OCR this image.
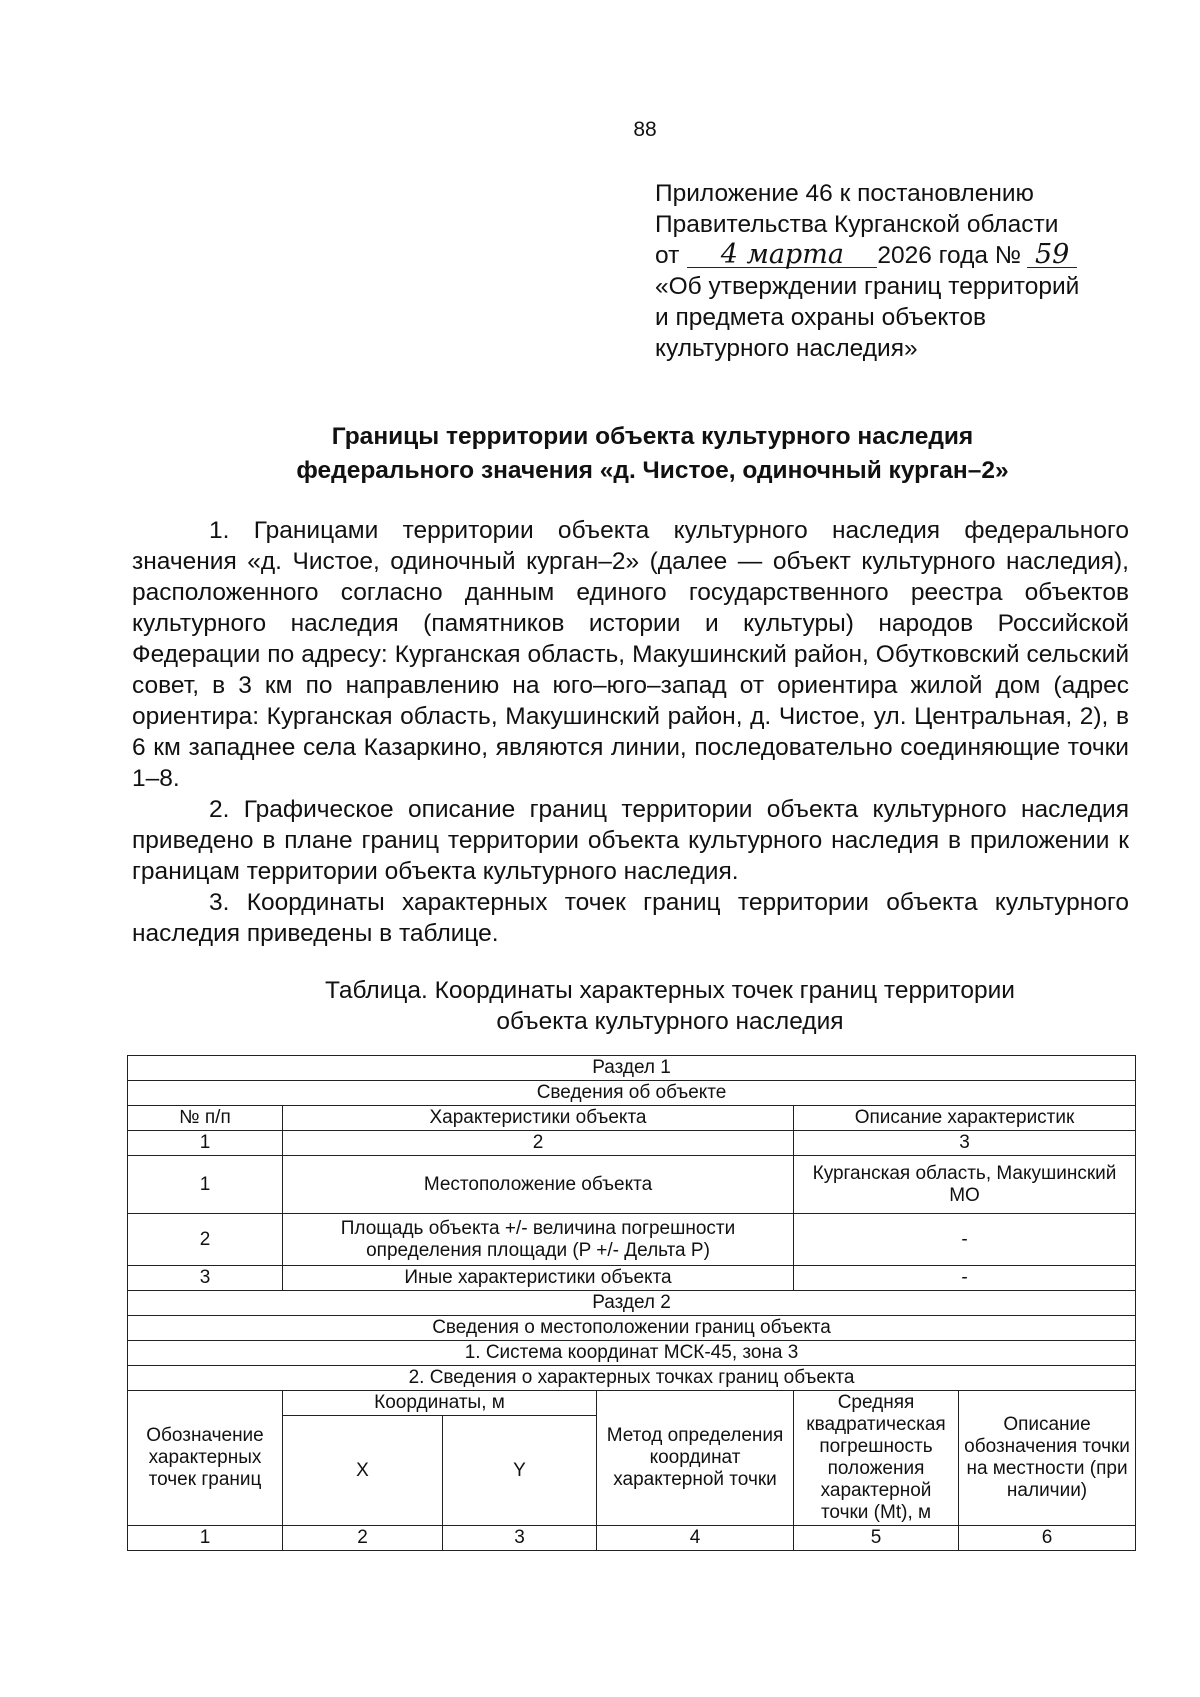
88
Приложение 46 к постановлению
Правительства Курганской области
от 4 марта 2026 года № 59
«Об утверждении границ территорий
и предмета охраны объектов
культурного наследия»
Границы территории объекта культурного наследия
федерального значения «д. Чистое, одиночный курган–2»

1. Границами территории объекта культурного наследия федерального значения «д. Чистое, одиночный курган–2» (далее — объект культурного наследия), расположенного согласно данным единого государственного реестра объектов культурного наследия (памятников истории и культуры) народов Российской Федерации по адресу: Курганская область, Макушинский район, Обутковский сельский совет, в 3 км по направлению на юго–юго–запад от ориентира жилой дом (адрес ориентира: Курганская область, Макушинский район, д. Чистое, ул. Центральная, 2), в 6 км западнее села Казаркино, являются линии, последовательно соединяющие точки 1–8.

2. Графическое описание границ территории объекта культурного наследия приведено в плане границ территории объекта культурного наследия в приложении к границам территории объекта культурного наследия.

3. Координаты характерных точек границ территории объекта культурного наследия приведены в таблице.

Таблица. Координаты характерных точек границ территории
объекта культурного наследия
Раздел 1					
Сведения об объекте					
№ п/п	Характеристики объекта			Описание характеристик	
1	2			3	
1	Местоположение объекта			Курганская область, Макушинский МО	
2	Площадь объекта +/- величина погрешности определения площади (P +/- Дельта P)			-	
3	Иные характеристики объекта			-	
Раздел 2					
Сведения о местоположении границ объекта					
1. Система координат МСК-45, зона 3					
2. Сведения о характерных точках границ объекта					
Обозначение характерных точек границ	Координаты, м		Метод определения координат характерной точки	Средняя квадратическая погрешность положения характерной точки (Mt), м	Описание обозначения точки на местности (при наличии)
	X	Y			
1	2	3	4	5	6
